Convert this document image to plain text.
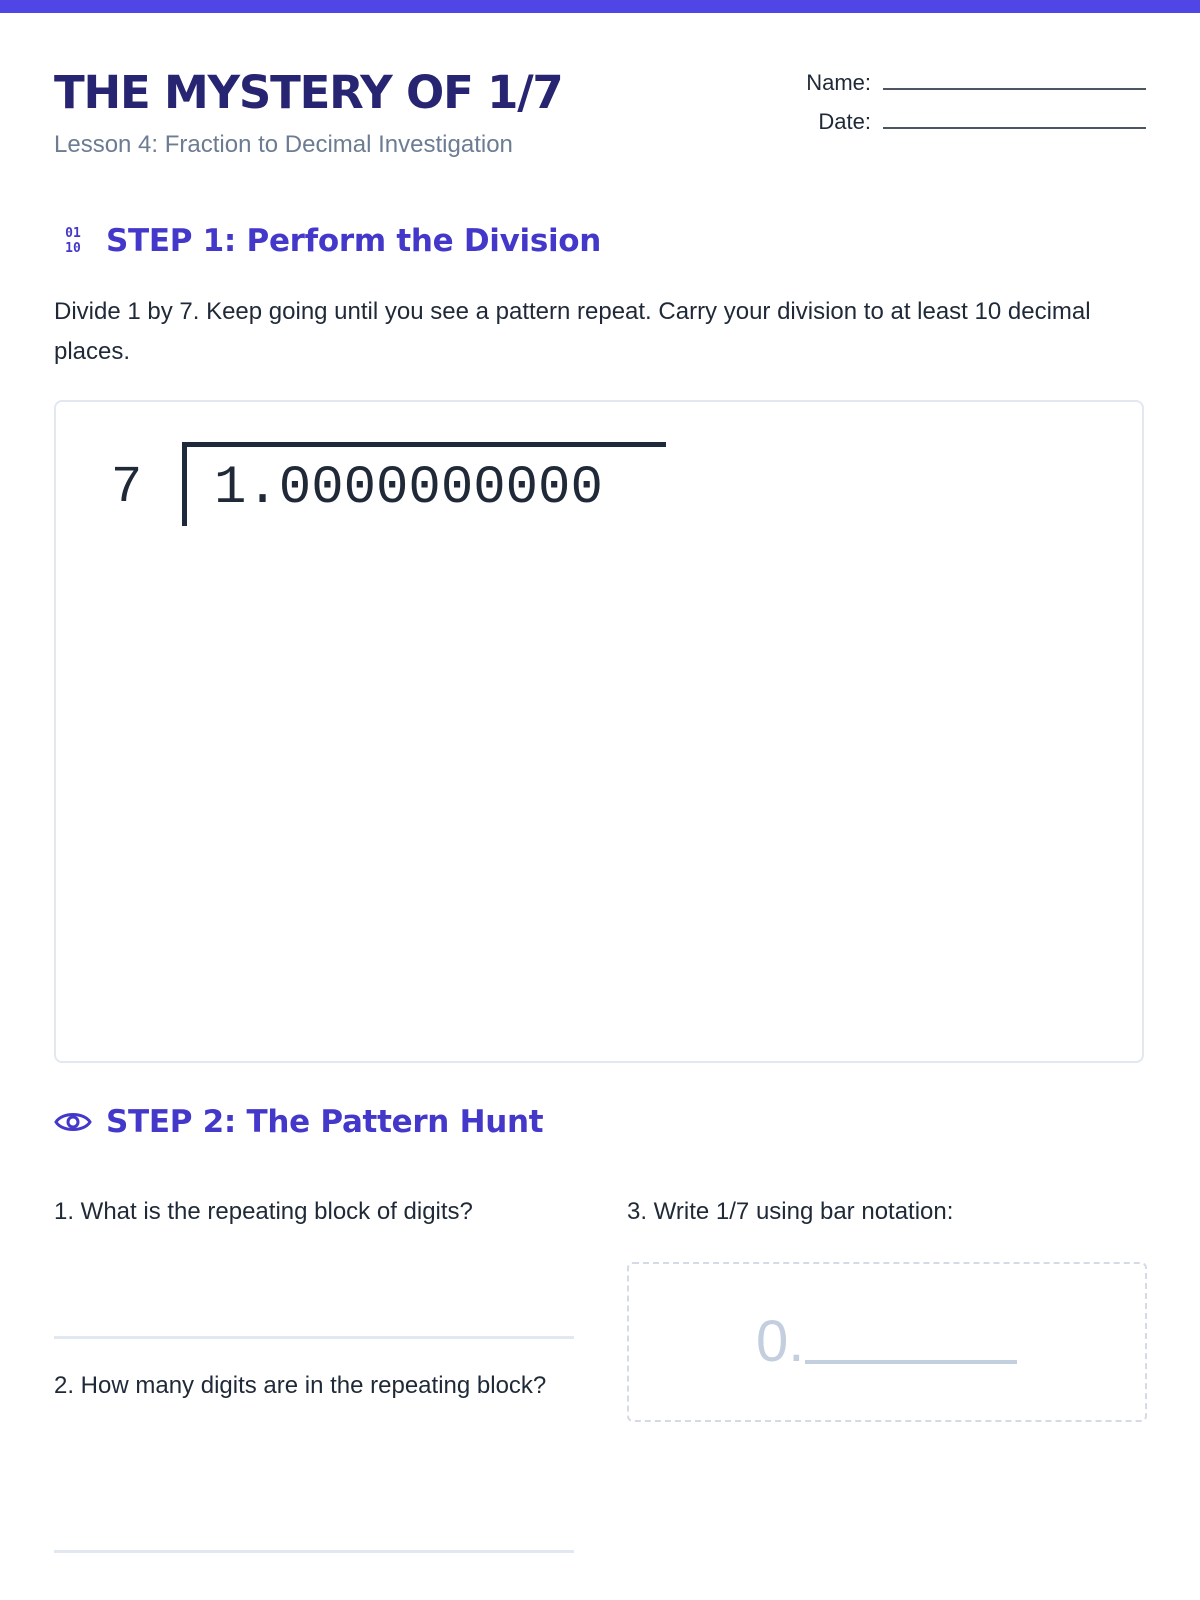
THE MYSTERY OF 1/7
Lesson 4: Fraction to Decimal Investigation
Name:
Date:
01
10 STEP 1: Perform the Division
Divide 1 by 7. Keep going until you see a pattern repeat. Carry your division to at least 10 decimal places.
7 1.0000000000
STEP 2: The Pattern Hunt
1. What is the repeating block of digits?
2. How many digits are in the repeating block?
3. Write 1/7 using bar notation:
0.
